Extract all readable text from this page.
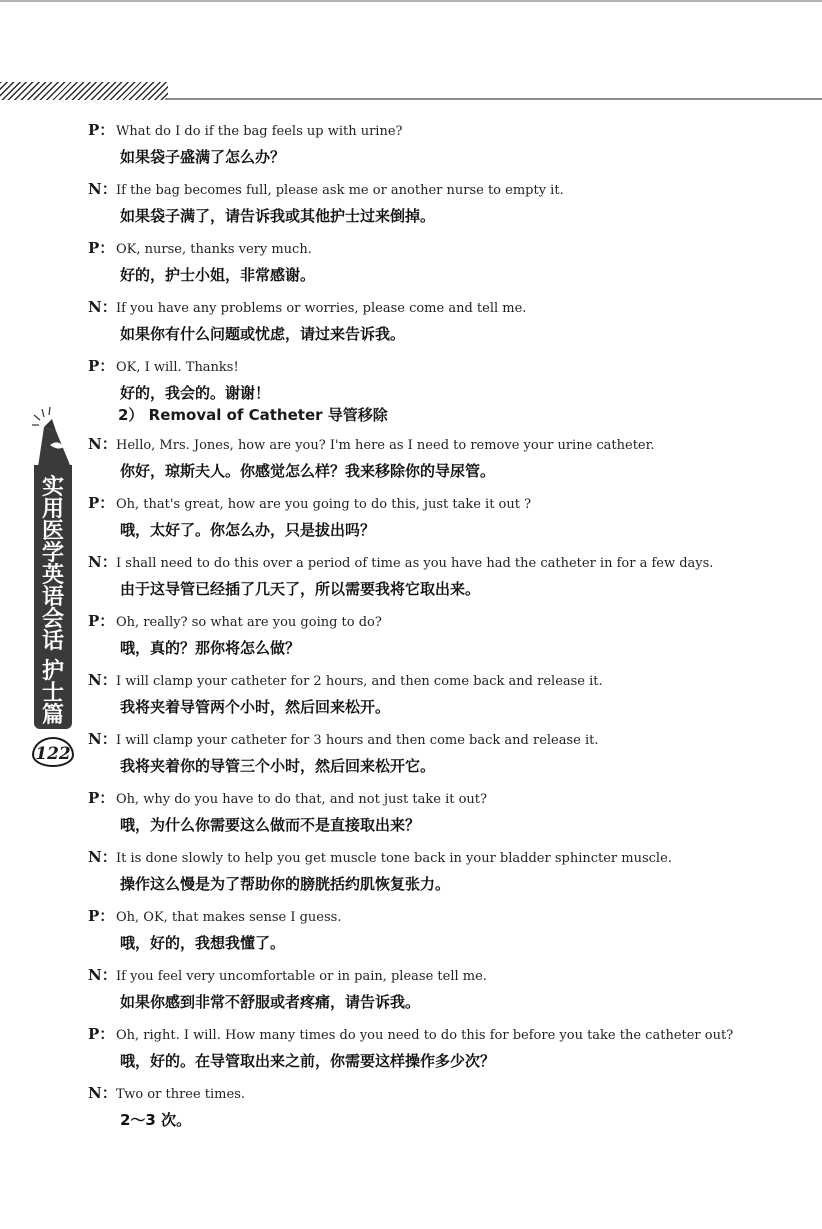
实
用
医
学
英
语
会
话
护
士
篇
122
P： What do I do if the bag feels up with urine?
如果袋子盛满了怎么办？
N： If the bag becomes full, please ask me or another nurse to empty it.
如果袋子满了，请告诉我或其他护士过来倒掉。
P： OK, nurse, thanks very much.
好的，护士小姐，非常感谢。
N： If you have any problems or worries, please come and tell me.
如果你有什么问题或忧虑，请过来告诉我。
P： OK, I will. Thanks!
好的，我会的。谢谢！
2） Removal of Catheter 导管移除
N： Hello, Mrs. Jones, how are you? I'm here as I need to remove your urine catheter.
你好，琼斯夫人。你感觉怎么样？我来移除你的导尿管。
P： Oh, that's great, how are you going to do this, just take it out ?
哦，太好了。你怎么办，只是拔出吗？
N： I shall need to do this over a period of time as you have had the catheter in for a few days.
由于这导管已经插了几天了，所以需要我将它取出来。
P： Oh, really? so what are you going to do?
哦，真的？那你将怎么做？
N： I will clamp your catheter for 2 hours, and then come back and release it.
我将夹着导管两个小时，然后回来松开。
N： I will clamp your catheter for 3 hours and then come back and release it.
我将夹着你的导管三个小时，然后回来松开它。
P： Oh, why do you have to do that, and not just take it out?
哦，为什么你需要这么做而不是直接取出来？
N： It is done slowly to help you get muscle tone back in your bladder sphincter muscle.
操作这么慢是为了帮助你的膀胱括约肌恢复张力。
P： Oh, OK, that makes sense I guess.
哦，好的，我想我懂了。
N： If you feel very uncomfortable or in pain, please tell me.
如果你感到非常不舒服或者疼痛，请告诉我。
P： Oh, right. I will. How many times do you need to do this for before you take the catheter out?
哦，好的。在导管取出来之前，你需要这样操作多少次？
N： Two or three times.
2～3 次。
